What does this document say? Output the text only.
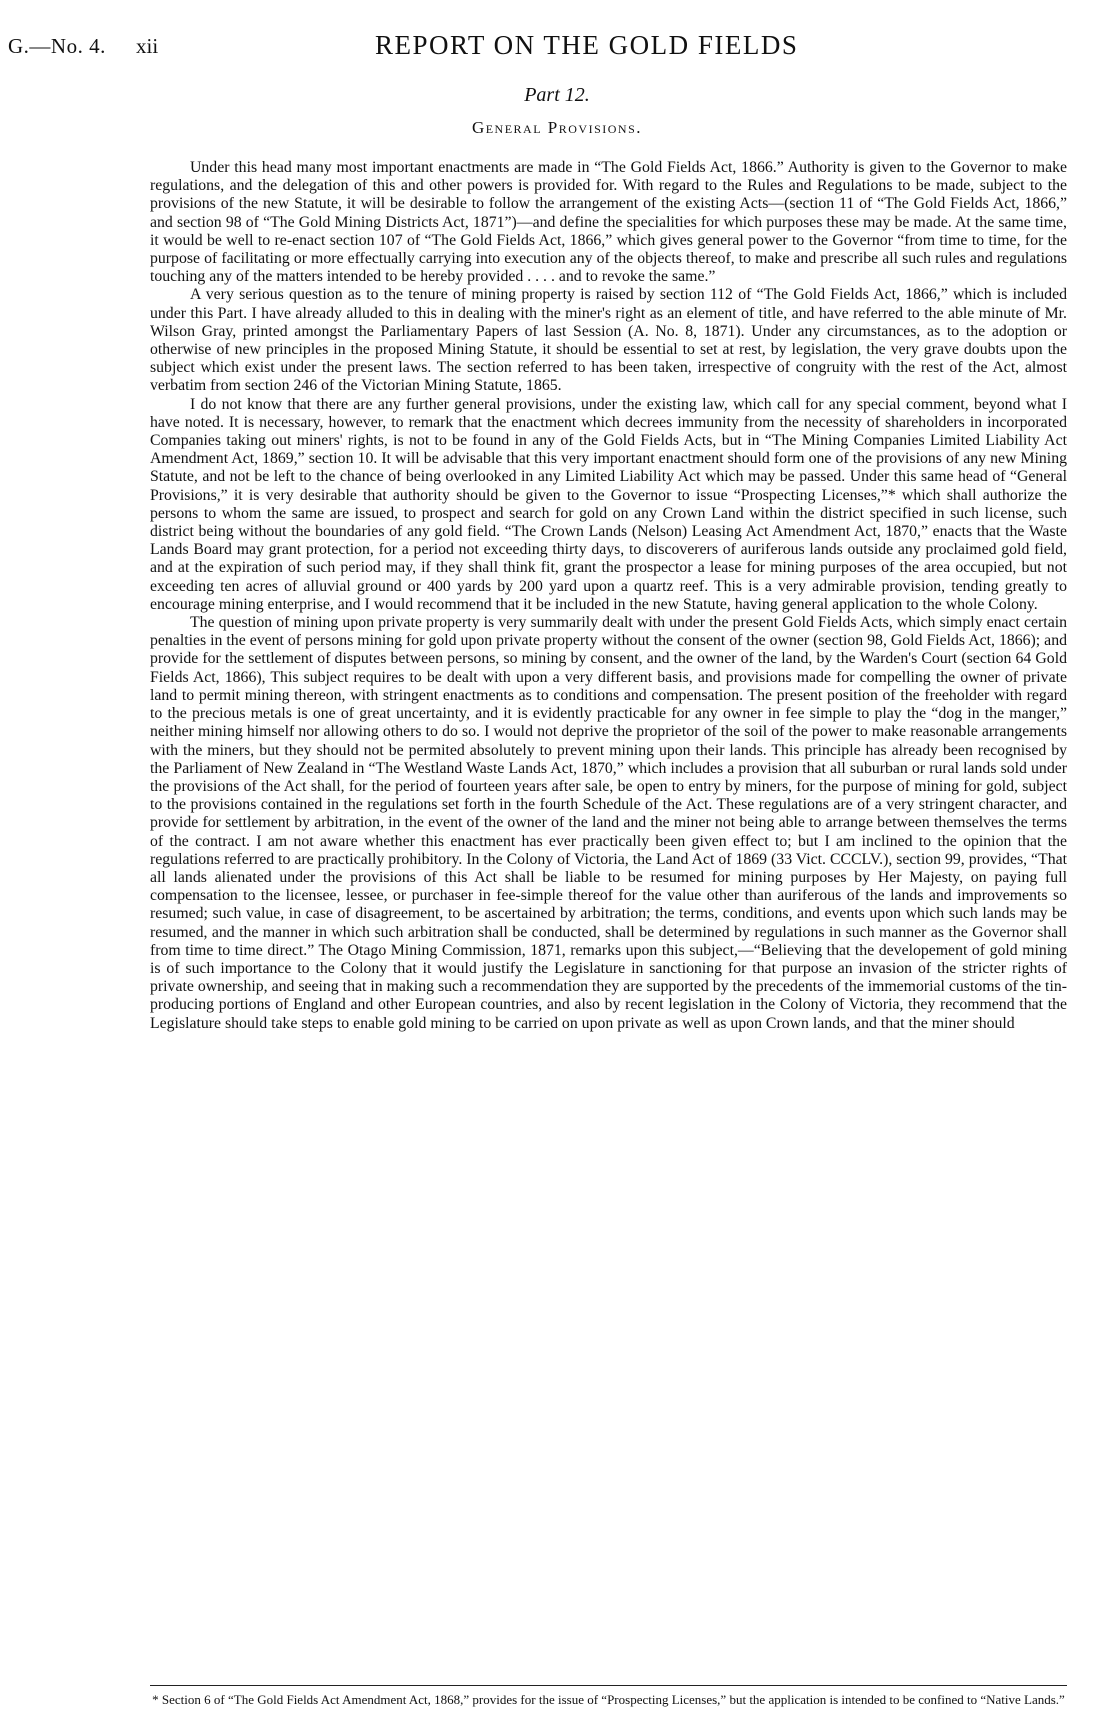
G.—No. 4. xii	REPORT ON THE GOLD FIELDS
Part 12.
General Provisions.

Under this head many most important enactments are made in “The Gold Fields Act, 1866.” Authority is given to the Governor to make regulations, and the delegation of this and other powers is provided for. With regard to the Rules and Regulations to be made, subject to the provisions of the new Statute, it will be desirable to follow the arrangement of the existing Acts—(section 11 of “The Gold Fields Act, 1866,” and section 98 of “The Gold Mining Districts Act, 1871”)—and define the specialities for which purposes these may be made. At the same time, it would be well to re-enact section 107 of “The Gold Fields Act, 1866,” which gives general power to the Governor “from time to time, for the purpose of facilitating or more effectually carrying into execution any of the objects thereof, to make and prescribe all such rules and regulations touching any of the matters intended to be hereby provided . . . . and to revoke the same.”

A very serious question as to the tenure of mining property is raised by section 112 of “The Gold Fields Act, 1866,” which is included under this Part. I have already alluded to this in dealing with the miner's right as an element of title, and have referred to the able minute of Mr. Wilson Gray, printed amongst the Parliamentary Papers of last Session (A. No. 8, 1871). Under any circumstances, as to the adoption or otherwise of new principles in the proposed Mining Statute, it should be essential to set at rest, by legislation, the very grave doubts upon the subject which exist under the present laws. The section referred to has been taken, irrespective of congruity with the rest of the Act, almost verbatim from section 246 of the Victorian Mining Statute, 1865.

I do not know that there are any further general provisions, under the existing law, which call for any special comment, beyond what I have noted. It is necessary, however, to remark that the enactment which decrees immunity from the necessity of shareholders in incorporated Companies taking out miners' rights, is not to be found in any of the Gold Fields Acts, but in “The Mining Companies Limited Liability Act Amendment Act, 1869,” section 10. It will be advisable that this very important enactment should form one of the provisions of any new Mining Statute, and not be left to the chance of being overlooked in any Limited Liability Act which may be passed. Under this same head of “General Provisions,” it is very desirable that authority should be given to the Governor to issue “Prospecting Licenses,”* which shall authorize the persons to whom the same are issued, to prospect and search for gold on any Crown Land within the district specified in such license, such district being without the boundaries of any gold field. “The Crown Lands (Nelson) Leasing Act Amendment Act, 1870,” enacts that the Waste Lands Board may grant protection, for a period not exceeding thirty days, to discoverers of auriferous lands outside any proclaimed gold field, and at the expiration of such period may, if they shall think fit, grant the prospector a lease for mining purposes of the area occupied, but not exceeding ten acres of alluvial ground or 400 yards by 200 yard upon a quartz reef. This is a very admirable provision, tending greatly to encourage mining enterprise, and I would recommend that it be included in the new Statute, having general application to the whole Colony.

The question of mining upon private property is very summarily dealt with under the present Gold Fields Acts, which simply enact certain penalties in the event of persons mining for gold upon private property without the consent of the owner (section 98, Gold Fields Act, 1866); and provide for the settlement of disputes between persons, so mining by consent, and the owner of the land, by the Warden's Court (section 64 Gold Fields Act, 1866), This subject requires to be dealt with upon a very different basis, and provisions made for compelling the owner of private land to permit mining thereon, with stringent enactments as to conditions and compensation. The present position of the freeholder with regard to the precious metals is one of great uncertainty, and it is evidently practicable for any owner in fee simple to play the “dog in the manger,” neither mining himself nor allowing others to do so. I would not deprive the proprietor of the soil of the power to make reasonable arrangements with the miners, but they should not be permited absolutely to prevent mining upon their lands. This principle has already been recognised by the Parliament of New Zealand in “The Westland Waste Lands Act, 1870,” which includes a provision that all suburban or rural lands sold under the provisions of the Act shall, for the period of fourteen years after sale, be open to entry by miners, for the purpose of mining for gold, subject to the provisions contained in the regulations set forth in the fourth Schedule of the Act. These regulations are of a very stringent character, and provide for settlement by arbitration, in the event of the owner of the land and the miner not being able to arrange between themselves the terms of the contract. I am not aware whether this enactment has ever practically been given effect to; but I am inclined to the opinion that the regulations referred to are practically prohibitory. In the Colony of Victoria, the Land Act of 1869 (33 Vict. CCCLV.), section 99, provides, “That all lands alienated under the provisions of this Act shall be liable to be resumed for mining purposes by Her Majesty, on paying full compensation to the licensee, lessee, or purchaser in fee-simple thereof for the value other than auriferous of the lands and improvements so resumed; such value, in case of disagreement, to be ascertained by arbitration; the terms, conditions, and events upon which such lands may be resumed, and the manner in which such arbitration shall be conducted, shall be determined by regulations in such manner as the Governor shall from time to time direct.” The Otago Mining Commission, 1871, remarks upon this subject,—“Believing that the developement of gold mining is of such importance to the Colony that it would justify the Legislature in sanctioning for that purpose an invasion of the stricter rights of private ownership, and seeing that in making such a recommendation they are supported by the precedents of the immemorial customs of the tin-producing portions of England and other European countries, and also by recent legislation in the Colony of Victoria, they recommend that the Legislature should take steps to enable gold mining to be carried on upon private as well as upon Crown lands, and that the miner should

* Section 6 of “The Gold Fields Act Amendment Act, 1868,” provides for the issue of “Prospecting Licenses,” but the application is intended to be confined to “Native Lands.”
